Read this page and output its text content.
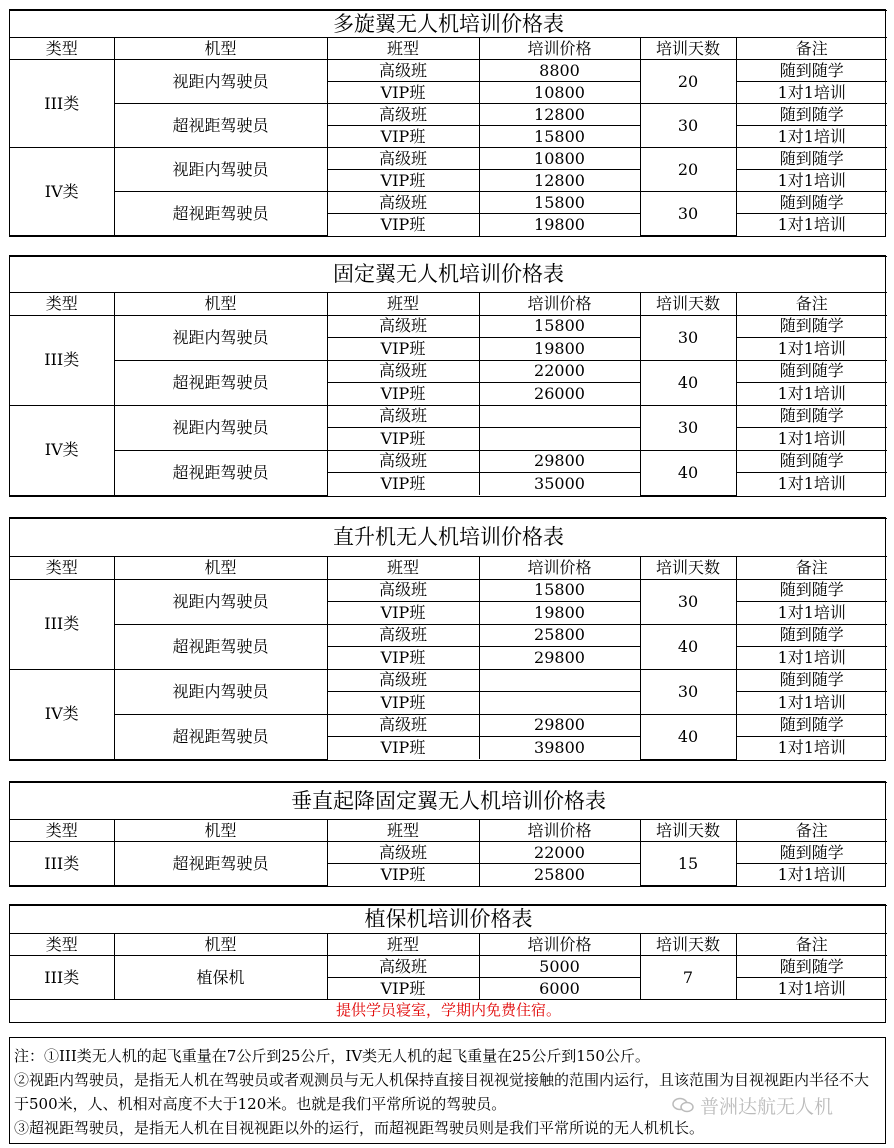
多旋翼无人机培训价格表					
类型	机型	班型	培训价格	培训天数	备注
III类	视距内驾驶员	高级班	8800	20	随到随学
		VIP班	10800		1对1培训
	超视距驾驶员	高级班	12800	30	随到随学
		VIP班	15800		1对1培训
IV类	视距内驾驶员	高级班	10800	20	随到随学
		VIP班	12800		1对1培训
	超视距驾驶员	高级班	15800	30	随到随学
		VIP班	19800		1对1培训
固定翼无人机培训价格表					
类型	机型	班型	培训价格	培训天数	备注
III类	视距内驾驶员	高级班	15800	30	随到随学
		VIP班	19800		1对1培训
	超视距驾驶员	高级班	22000	40	随到随学
		VIP班	26000		1对1培训
IV类	视距内驾驶员	高级班		30	随到随学
		VIP班			1对1培训
	超视距驾驶员	高级班	29800	40	随到随学
		VIP班	35000		1对1培训
直升机无人机培训价格表					
类型	机型	班型	培训价格	培训天数	备注
III类	视距内驾驶员	高级班	15800	30	随到随学
		VIP班	19800		1对1培训
	超视距驾驶员	高级班	25800	40	随到随学
		VIP班	29800		1对1培训
IV类	视距内驾驶员	高级班		30	随到随学
		VIP班			1对1培训
	超视距驾驶员	高级班	29800	40	随到随学
		VIP班	39800		1对1培训
垂直起降固定翼无人机培训价格表					
类型	机型	班型	培训价格	培训天数	备注
III类	超视距驾驶员	高级班	22000	15	随到随学
		VIP班	25800		1对1培训
植保机培训价格表					
类型	机型	班型	培训价格	培训天数	备注
III类	植保机	高级班	5000	7	随到随学
		VIP班	6000		1对1培训
提供学员寝室，学期内免费住宿。					

注：①III类无人机的起飞重量在7公斤到25公斤，IV类无人机的起飞重量在25公斤到150公斤。

②视距内驾驶员，是指无人机在驾驶员或者观测员与无人机保持直接目视视觉接触的范围内运行，且该范围为目视视距内半径不大于500米，人、机相对高度不大于120米。也就是我们平常所说的驾驶员。

③超视距驾驶员，是指无人机在目视视距以外的运行，而超视距驾驶员则是我们平常所说的无人机机长。

普洲达航无人机
